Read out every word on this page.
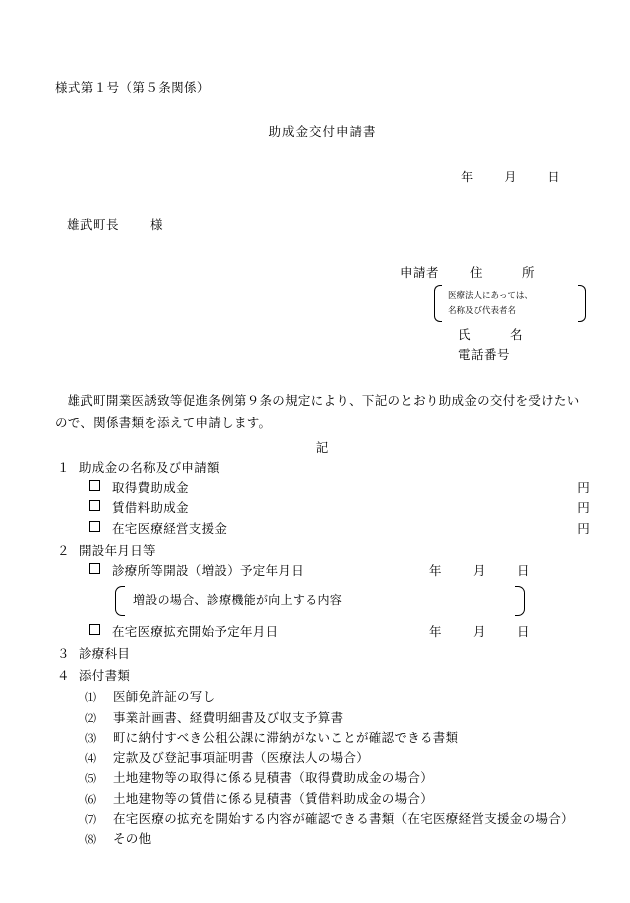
様式第１号（第５条関係）
助成金交付申請書
年	月	日
雄武町長 様
申請者 住　　　所
医療法人にあっては、
名称及び代表者名
氏　　　名
電話番号
雄武町開業医誘致等促進条例第９条の規定により、下記のとおり助成金の交付を受けたいので、関係書類を添えて申請します。
記
１ 助成金の名称及び申請額
取得費助成金	円
賃借料助成金	円
在宅医療経営支援金	円
２ 開設年月日等
診療所等開設（増設）予定年月日	年 月 日
増設の場合、診療機能が向上する内容
在宅医療拡充開始予定年月日	年 月 日
３ 診療科目
４ 添付書類
⑴	医師免許証の写し
⑵	事業計画書、経費明細書及び収支予算書
⑶	町に納付すべき公租公課に滞納がないことが確認できる書類
⑷	定款及び登記事項証明書（医療法人の場合）
⑸	土地建物等の取得に係る見積書（取得費助成金の場合）
⑹	土地建物等の賃借に係る見積書（賃借料助成金の場合）
⑺	在宅医療の拡充を開始する内容が確認できる書類（在宅医療経営支援金の場合）
⑻	その他
